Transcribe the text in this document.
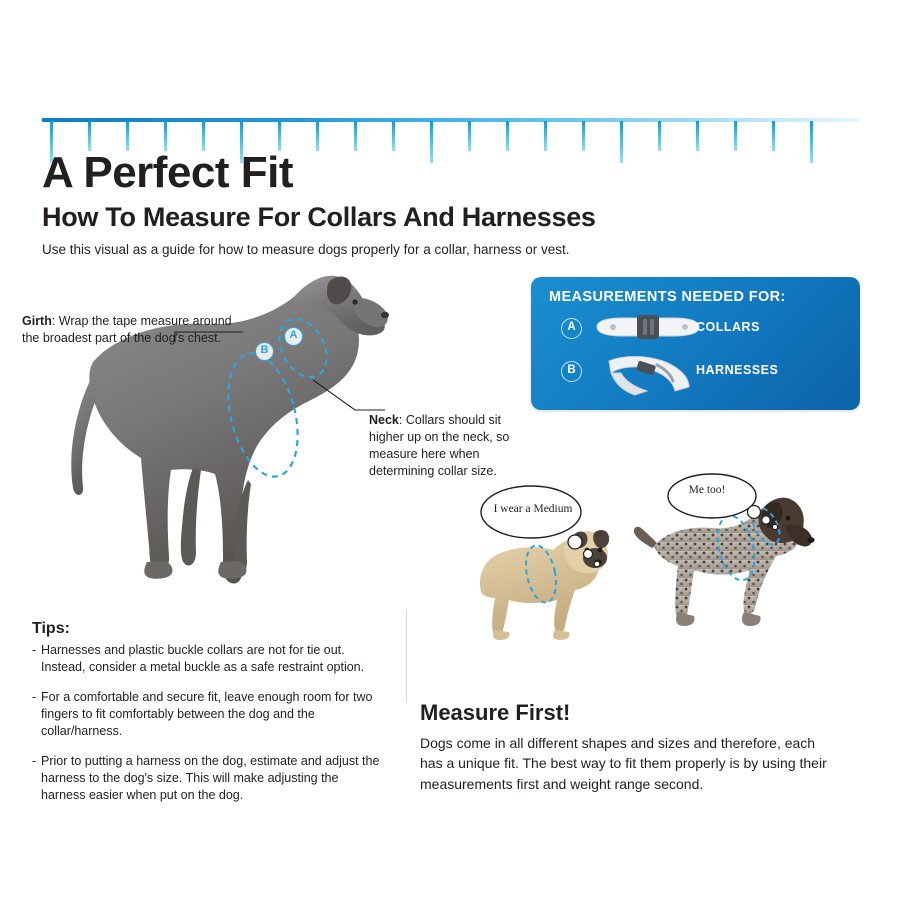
A Perfect Fit
How To Measure For Collars And Harnesses
Use this visual as a guide for how to measure dogs properly for a collar, harness or vest.
A
B
Girth: Wrap the tape measure around the broadest part of the dog's chest.
Neck: Collars should sit higher up on the neck, so measure here when determining collar size.
MEASUREMENTS NEEDED FOR:
A
B
COLLARS
HARNESSES
I wear a Medium
Me too!
Tips:
- Harnesses and plastic buckle collars are not for tie out. Instead, consider a metal buckle as a safe restraint option.
- For a comfortable and secure fit, leave enough room for two fingers to fit comfortably between the dog and the collar/harness.
- Prior to putting a harness on the dog, estimate and adjust the harness to the dog's size. This will make adjusting the harness easier when put on the dog.
Measure First!
Dogs come in all different shapes and sizes and therefore, each has a unique fit. The best way to fit them properly is by using their measurements first and weight range second.
